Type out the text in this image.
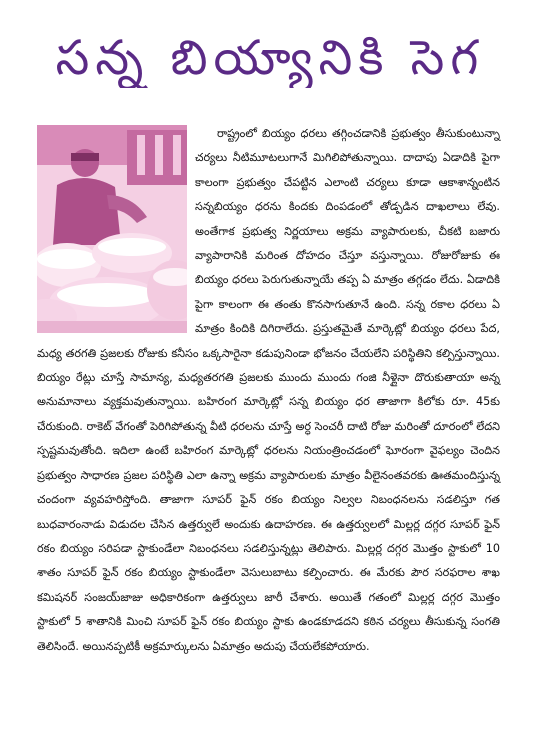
సన్న బియ్యానికి సెగ

రాష్ట్రంలో బియ్యం ధరలు తగ్గించడానికి ప్రభుత్వం తీసుకుంటున్నా చర్యలు నీటిమూటలుగానే మిగిలిపోతున్నాయి. దాదాపు ఏడాదికి పైగా కాలంగా ప్రభుత్వం చేపట్టిన ఎలాంటి చర్యలు కూడా ఆకాశాన్నంటిన సన్నబియ్యం ధరను కిందకు దింపడంలో తోడ్పడిన దాఖలాలు లేవు. అంతేగాక ప్రభుత్వ నిర్ణయాలు అక్రమ వ్యాపారులకు, చీకటి బజారు వ్యాపారానికి మరింత దోహదం చేస్తూ వస్తున్నాయి. రోజురోజుకు ఈ బియ్యం ధరలు పెరుగుతున్నాయే తప్ప ఏ మాత్రం తగ్గడం లేదు. ఏడాదికి పైగా కాలంగా ఈ తంతు కొనసాగుతూనే ఉంది. సన్న రకాల ధరలు ఏ మాత్రం కిందికి దిగిరాలేదు. ప్రస్తుతమైతే మార్కెట్లో బియ్యం ధరలు పేద, మధ్య తరగతి ప్రజలకు రోజుకు కనీసం ఒక్కసారైనా కడుపునిండా భోజనం చేయలేని పరిస్థితిని కల్పిస్తున్నాయి. బియ్యం రేట్లు చూస్తే సామాన్య, మధ్యతరగతి ప్రజలకు ముందు ముందు గంజి నీళ్లైనా దొరుకుతాయా అన్న అనుమానాలు వ్యక్తమవుతున్నాయి. బహిరంగ మార్కెట్లో సన్న బియ్యం ధర తాజాగా కిలోకు రూ. 45కు చేరుకుంది. రాకెట్ వేగంతో పెరిగిపోతున్న వీటి ధరలను చూస్తే అర్ధ సెంచరీ దాటి రోజు మరింతో దూరంలో లేదని స్పష్టమవుతోంది. ఇదిలా ఉంటే బహిరంగ మార్కెట్లో ధరలను నియంత్రించడంలో ఘోరంగా వైఫల్యం చెందిన ప్రభుత్వం సాధారణ ప్రజల పరిస్థితి ఎలా ఉన్నా అక్రమ వ్యాపారులకు మాత్రం వీలైనంతవరకు ఊతమందిస్తున్న చందంగా వ్యవహరిస్తోంది. తాజాగా సూపర్ ఫైన్ రకం బియ్యం నిల్వల నిబంధనలను సడలిస్తూ గత బుధవారంనాడు విడుదల చేసిన ఉత్తర్వులే అందుకు ఉదాహరణ. ఈ ఉత్తర్వులలో మిల్లర్ల దగ్గర సూపర్ ఫైన్ రకం బియ్యం సరిపడా స్టాకుండేలా నిబంధనలు సడలిస్తున్నట్లు తెలిపారు. మిల్లర్ల దగ్గర మొత్తం స్టాకులో 10 శాతం సూపర్ ఫైన్ రకం బియ్యం స్టాకుండేలా వెసులుబాటు కల్పించారు. ఈ మేరకు పౌర సరఫరాల శాఖ కమిషనర్ సంజయ్‌జాజు అధికారికంగా ఉత్తర్వులు జారీ చేశారు. అయితే గతంలో మిల్లర్ల దగ్గర మొత్తం స్టాకులో 5 శాతానికి మించి సూపర్ ఫైన్ రకం బియ్యం స్టాకు ఉండకూడదని కఠిన చర్యలు తీసుకున్న సంగతి తెలిసిందే. అయినప్పటికీ అక్రమార్కులను ఏమాత్రం అదుపు చేయలేకపోయారు.
